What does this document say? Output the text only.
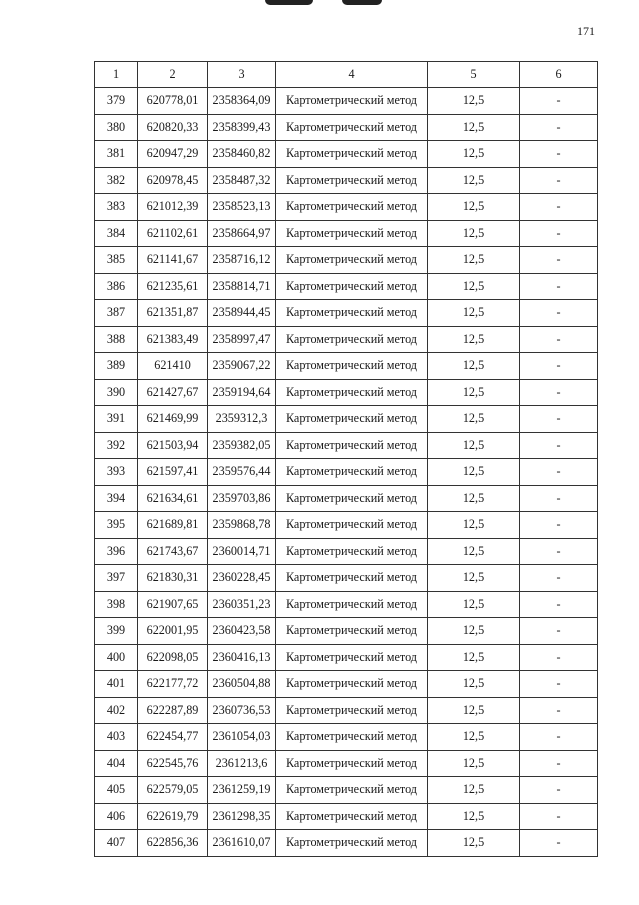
171
1	2	3	4	5	6
379	620778,01	2358364,09	Картометрический метод	12,5	-
380	620820,33	2358399,43	Картометрический метод	12,5	-
381	620947,29	2358460,82	Картометрический метод	12,5	-
382	620978,45	2358487,32	Картометрический метод	12,5	-
383	621012,39	2358523,13	Картометрический метод	12,5	-
384	621102,61	2358664,97	Картометрический метод	12,5	-
385	621141,67	2358716,12	Картометрический метод	12,5	-
386	621235,61	2358814,71	Картометрический метод	12,5	-
387	621351,87	2358944,45	Картометрический метод	12,5	-
388	621383,49	2358997,47	Картометрический метод	12,5	-
389	621410	2359067,22	Картометрический метод	12,5	-
390	621427,67	2359194,64	Картометрический метод	12,5	-
391	621469,99	2359312,3	Картометрический метод	12,5	-
392	621503,94	2359382,05	Картометрический метод	12,5	-
393	621597,41	2359576,44	Картометрический метод	12,5	-
394	621634,61	2359703,86	Картометрический метод	12,5	-
395	621689,81	2359868,78	Картометрический метод	12,5	-
396	621743,67	2360014,71	Картометрический метод	12,5	-
397	621830,31	2360228,45	Картометрический метод	12,5	-
398	621907,65	2360351,23	Картометрический метод	12,5	-
399	622001,95	2360423,58	Картометрический метод	12,5	-
400	622098,05	2360416,13	Картометрический метод	12,5	-
401	622177,72	2360504,88	Картометрический метод	12,5	-
402	622287,89	2360736,53	Картометрический метод	12,5	-
403	622454,77	2361054,03	Картометрический метод	12,5	-
404	622545,76	2361213,6	Картометрический метод	12,5	-
405	622579,05	2361259,19	Картометрический метод	12,5	-
406	622619,79	2361298,35	Картометрический метод	12,5	-
407	622856,36	2361610,07	Картометрический метод	12,5	-
